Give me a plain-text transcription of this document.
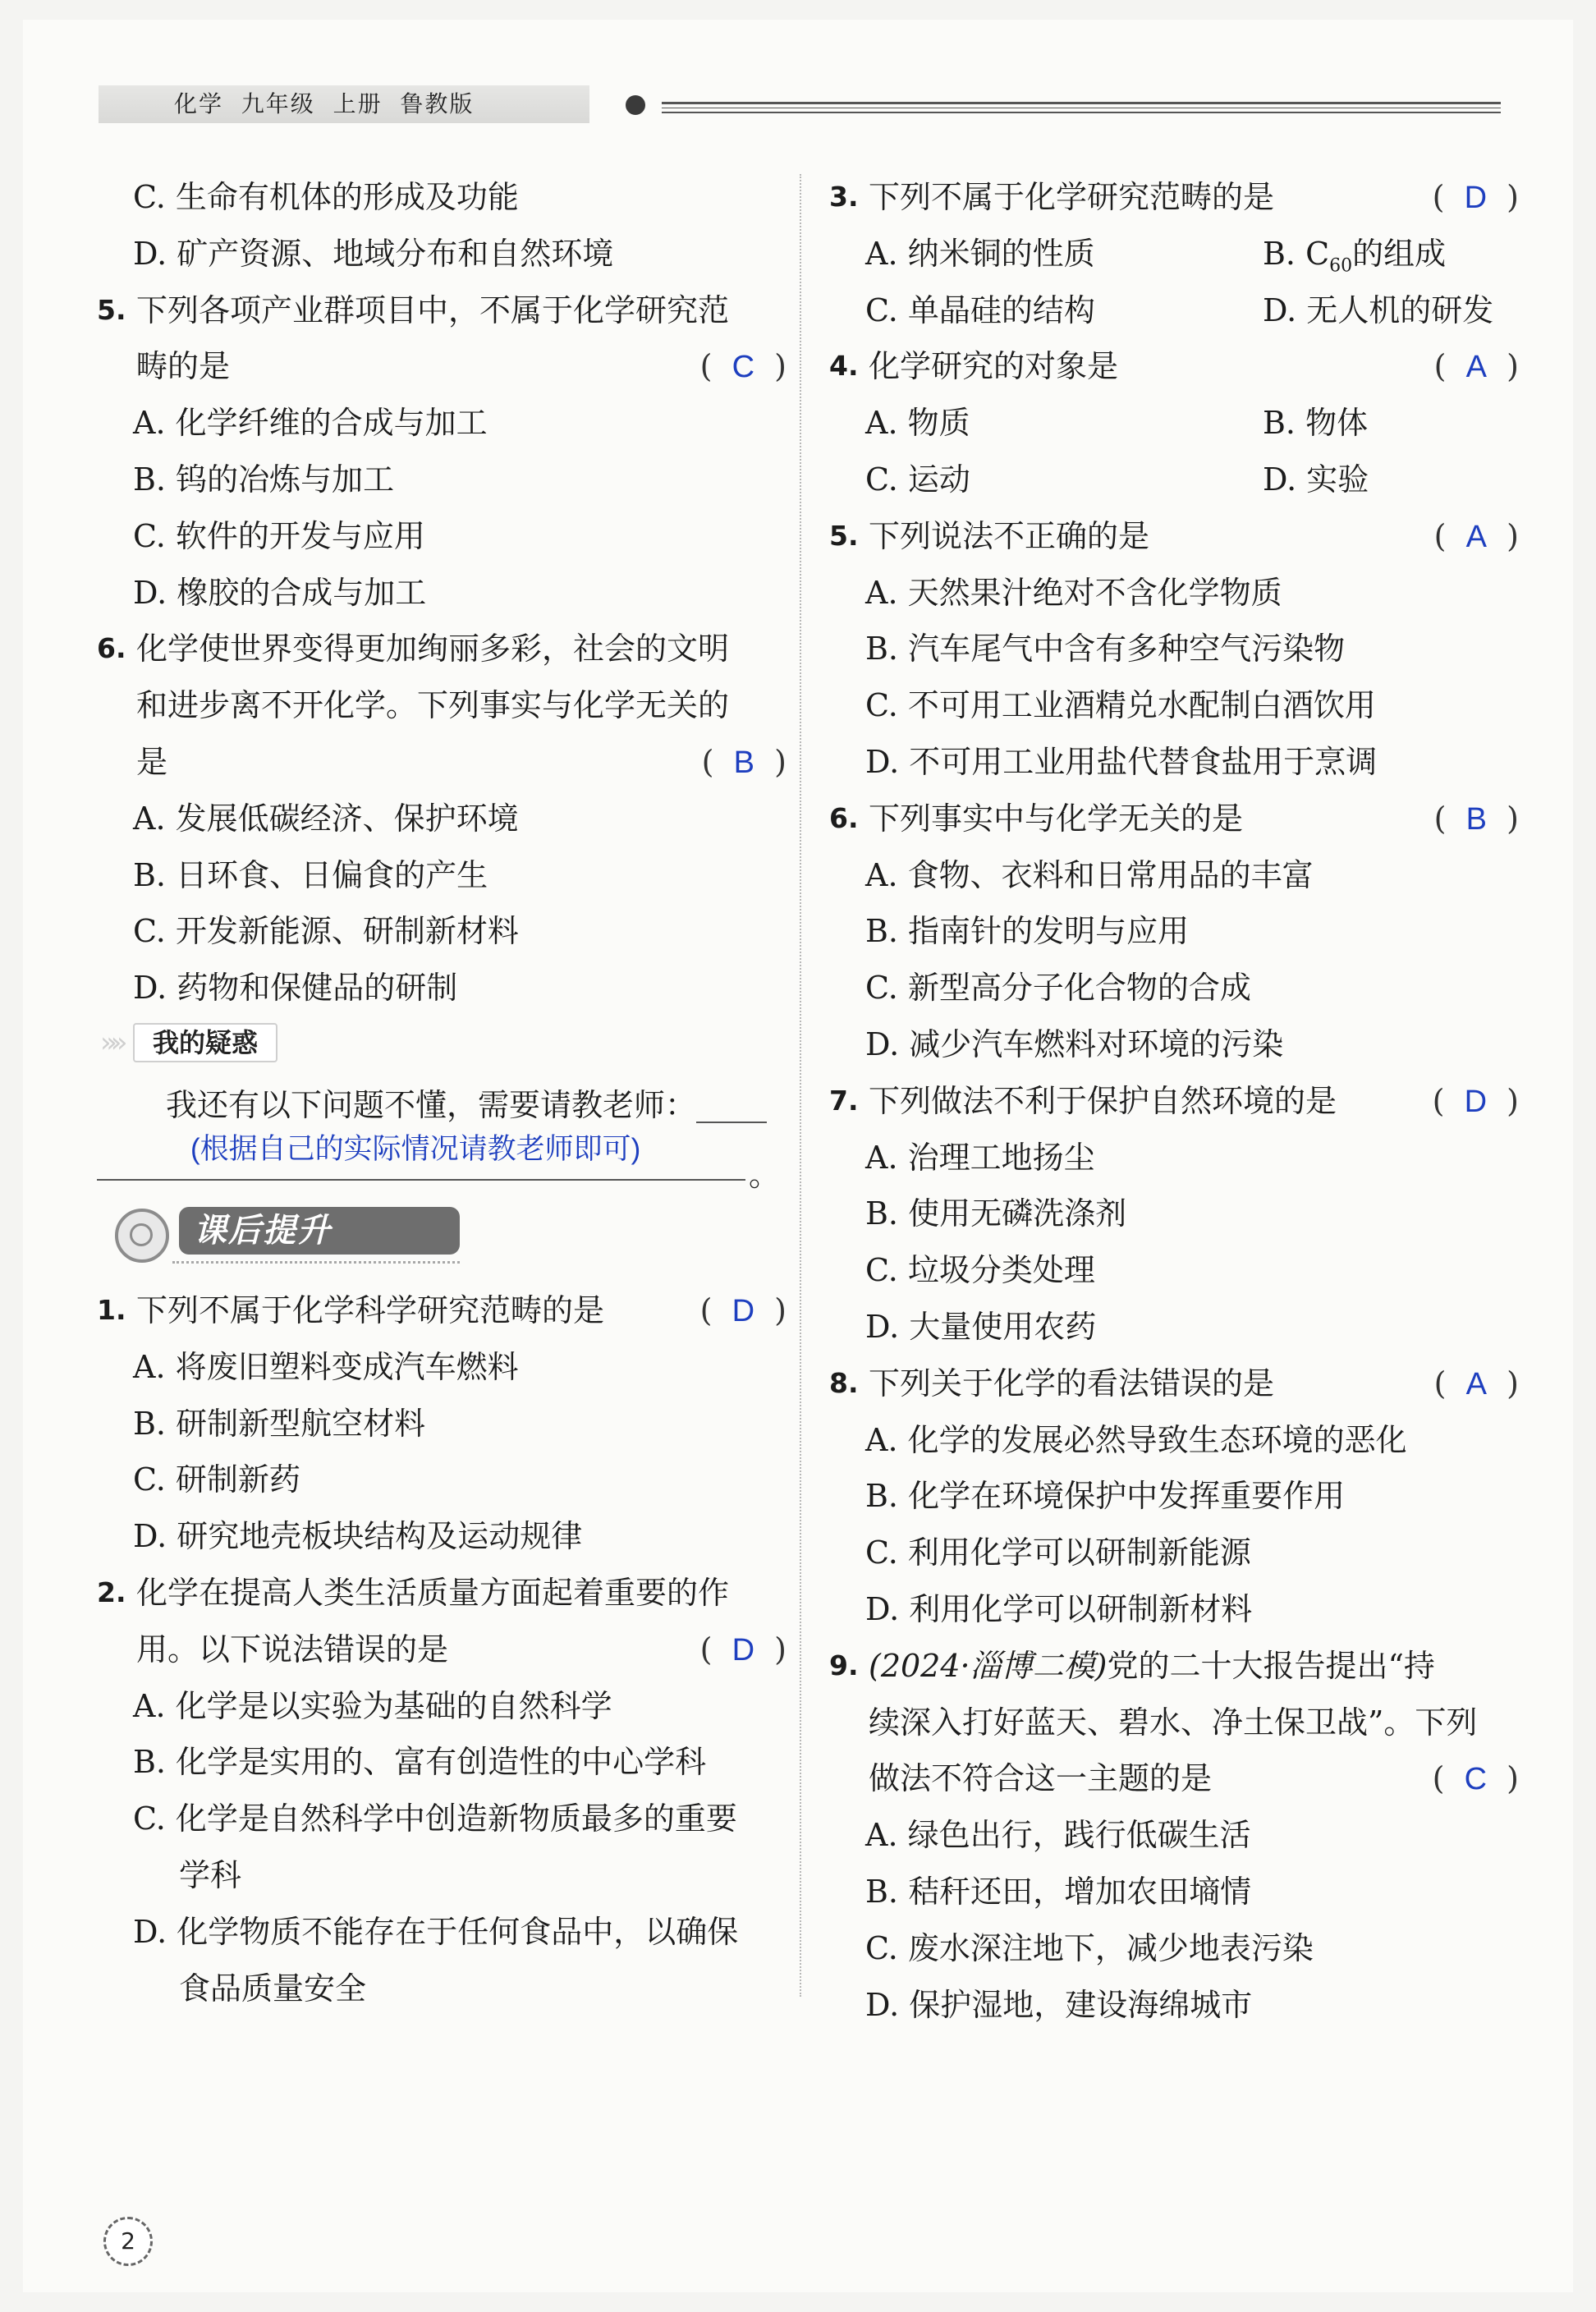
化学  九年级  上册  鲁教版
C. 生命有机体的形成及功能
D. 矿产资源、地域分布和自然环境
5. 下列各项产业群项目中，不属于化学研究范
畴的是	(  C  )
A. 化学纤维的合成与加工
B. 钨的冶炼与加工
C. 软件的开发与应用
D. 橡胶的合成与加工
6. 化学使世界变得更加绚丽多彩，社会的文明
和进步离不开化学。下列事实与化学无关的
是	(  B  )
A. 发展低碳经济、保护环境
B. 日环食、日偏食的产生
C. 开发新能源、研制新材料
D. 药物和保健品的研制
»»	我的疑惑
我还有以下问题不懂，需要请教老师：
(根据自己的实际情况请教老师即可)
。
课后提升
1. 下列不属于化学科学研究范畴的是	(  D  )
A. 将废旧塑料变成汽车燃料
B. 研制新型航空材料
C. 研制新药
D. 研究地壳板块结构及运动规律
2. 化学在提高人类生活质量方面起着重要的作
用。以下说法错误的是	(  D  )
A. 化学是以实验为基础的自然科学
B. 化学是实用的、富有创造性的中心学科
C. 化学是自然科学中创造新物质最多的重要
学科
D. 化学物质不能存在于任何食品中，以确保
食品质量安全
3. 下列不属于化学研究范畴的是	(  D  )
A. 纳米铜的性质	B. $C_{60}$的组成
C. 单晶硅的结构	D. 无人机的研发
4. 化学研究的对象是	(  A  )
A. 物质	B. 物体
C. 运动	D. 实验
5. 下列说法不正确的是	(  A  )
A. 天然果汁绝对不含化学物质
B. 汽车尾气中含有多种空气污染物
C. 不可用工业酒精兑水配制白酒饮用
D. 不可用工业用盐代替食盐用于烹调
6. 下列事实中与化学无关的是	(  B  )
A. 食物、衣料和日常用品的丰富
B. 指南针的发明与应用
C. 新型高分子化合物的合成
D. 减少汽车燃料对环境的污染
7. 下列做法不利于保护自然环境的是	(  D  )
A. 治理工地扬尘
B. 使用无磷洗涤剂
C. 垃圾分类处理
D. 大量使用农药
8. 下列关于化学的看法错误的是	(  A  )
A. 化学的发展必然导致生态环境的恶化
B. 化学在环境保护中发挥重要作用
C. 利用化学可以研制新能源
D. 利用化学可以研制新材料
9. (2024·淄博二模)党的二十大报告提出“持
续深入打好蓝天、碧水、净土保卫战”。下列
做法不符合这一主题的是	(  C  )
A. 绿色出行，践行低碳生活
B. 秸秆还田，增加农田墒情
C. 废水深注地下，减少地表污染
D. 保护湿地，建设海绵城市
2
